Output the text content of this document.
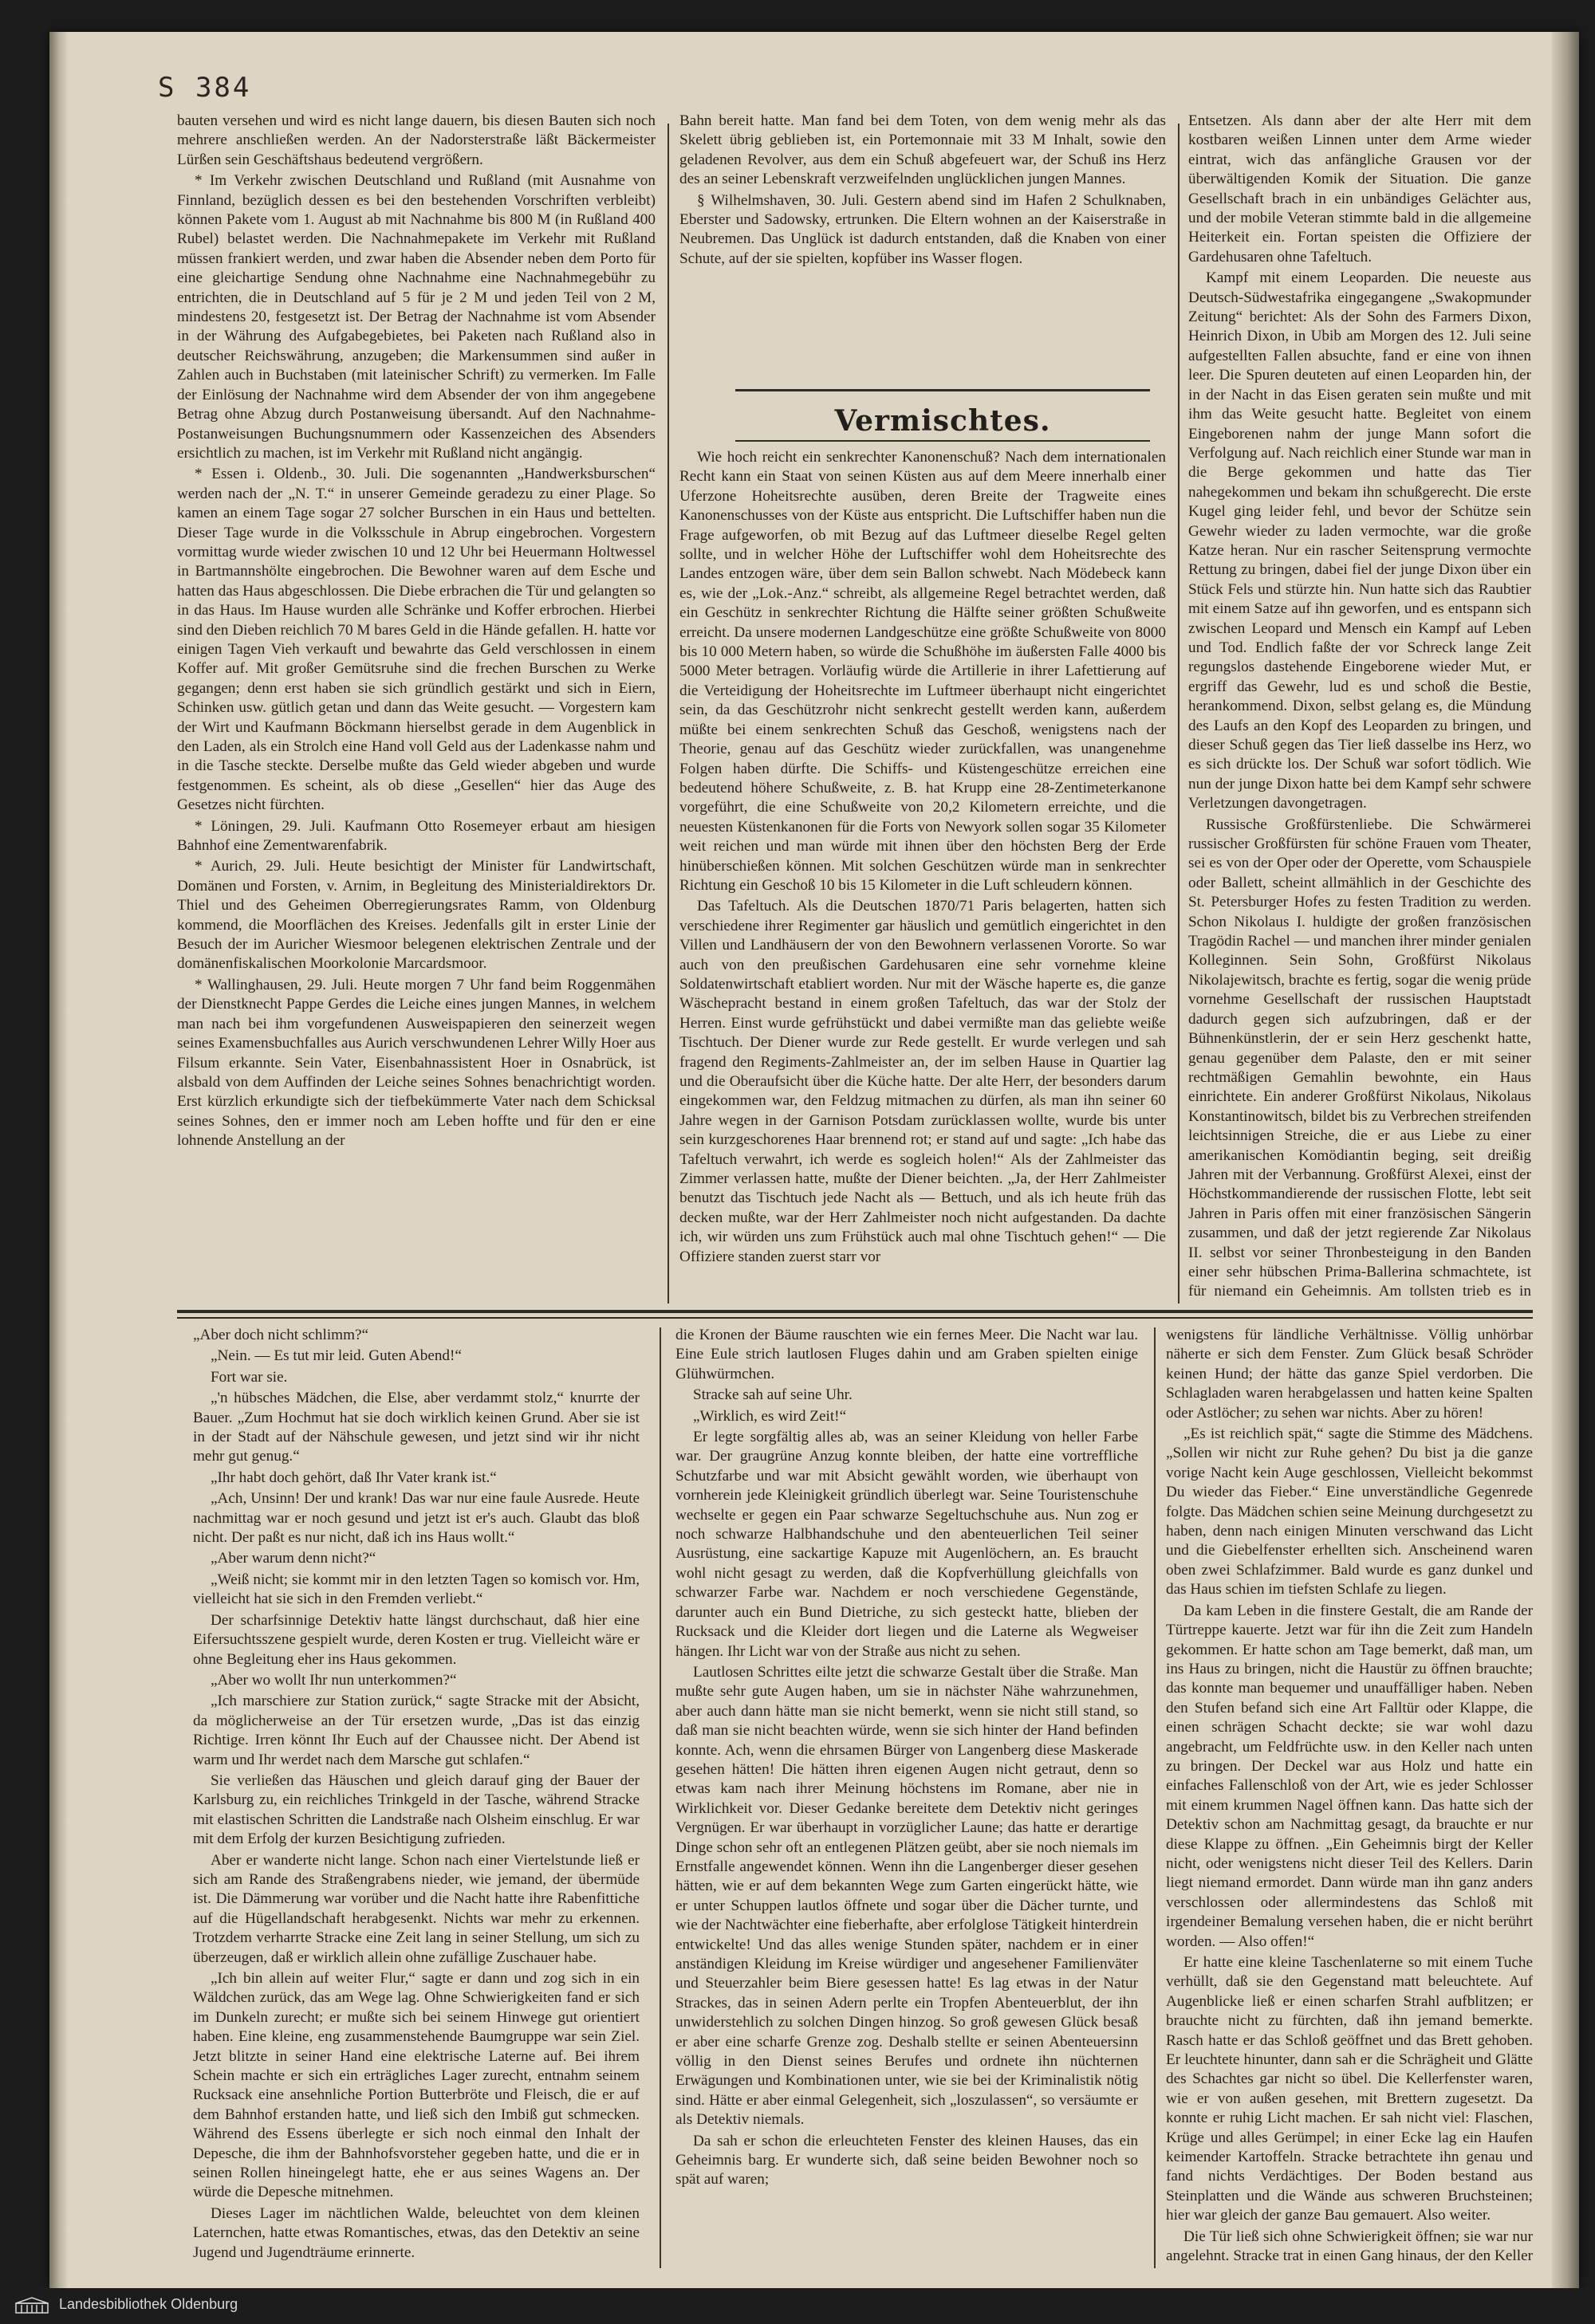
S 384

bauten versehen und wird es nicht lange dauern, bis diesen Bauten sich noch mehrere anschließen werden. An der Nadorsterstraße läßt Bäckermeister Lürßen sein Geschäftshaus bedeutend vergrößern.

* Im Verkehr zwischen Deutschland und Rußland (mit Ausnahme von Finnland, bezüglich dessen es bei den bestehenden Vorschriften verbleibt) können Pakete vom 1. August ab mit Nachnahme bis 800 M (in Rußland 400 Rubel) belastet werden. Die Nachnahmepakete im Verkehr mit Rußland müssen frankiert werden, und zwar haben die Absender neben dem Porto für eine gleichartige Sendung ohne Nachnahme eine Nachnahmegebühr zu entrichten, die in Deutschland auf 5 für je 2 M und jeden Teil von 2 M, mindestens 20, festgesetzt ist. Der Betrag der Nachnahme ist vom Absender in der Währung des Aufgabegebietes, bei Paketen nach Rußland also in deutscher Reichswährung, anzugeben; die Markensummen sind außer in Zahlen auch in Buchstaben (mit lateinischer Schrift) zu vermerken. Im Falle der Einlösung der Nachnahme wird dem Absender der von ihm angegebene Betrag ohne Abzug durch Postanweisung übersandt. Auf den Nachnahme-Postanweisungen Buchungsnummern oder Kassenzeichen des Absenders ersichtlich zu machen, ist im Verkehr mit Rußland nicht angängig.

* Essen i. Oldenb., 30. Juli. Die sogenannten „Handwerksburschen“ werden nach der „N. T.“ in unserer Gemeinde geradezu zu einer Plage. So kamen an einem Tage sogar 27 solcher Burschen in ein Haus und bettelten. Dieser Tage wurde in die Volksschule in Abrup eingebrochen. Vorgestern vormittag wurde wieder zwischen 10 und 12 Uhr bei Heuermann Holtwessel in Bartmannshölte eingebrochen. Die Bewohner waren auf dem Esche und hatten das Haus abgeschlossen. Die Diebe erbrachen die Tür und gelangten so in das Haus. Im Hause wurden alle Schränke und Koffer erbrochen. Hierbei sind den Dieben reichlich 70 M bares Geld in die Hände gefallen. H. hatte vor einigen Tagen Vieh verkauft und bewahrte das Geld verschlossen in einem Koffer auf. Mit großer Gemütsruhe sind die frechen Burschen zu Werke gegangen; denn erst haben sie sich gründlich gestärkt und sich in Eiern, Schinken usw. gütlich getan und dann das Weite gesucht. — Vorgestern kam der Wirt und Kaufmann Böckmann hierselbst gerade in dem Augenblick in den Laden, als ein Strolch eine Hand voll Geld aus der Ladenkasse nahm und in die Tasche steckte. Derselbe mußte das Geld wieder abgeben und wurde festgenommen. Es scheint, als ob diese „Gesellen“ hier das Auge des Gesetzes nicht fürchten.

* Löningen, 29. Juli. Kaufmann Otto Rosemeyer erbaut am hiesigen Bahnhof eine Zementwarenfabrik.

* Aurich, 29. Juli. Heute besichtigt der Minister für Landwirtschaft, Domänen und Forsten, v. Arnim, in Begleitung des Ministerialdirektors Dr. Thiel und des Geheimen Oberregierungsrates Ramm, von Oldenburg kommend, die Moorflächen des Kreises. Jedenfalls gilt in erster Linie der Besuch der im Auricher Wiesmoor belegenen elektrischen Zentrale und der domänenfiskalischen Moorkolonie Marcardsmoor.

* Wallinghausen, 29. Juli. Heute morgen 7 Uhr fand beim Roggenmähen der Dienstknecht Pappe Gerdes die Leiche eines jungen Mannes, in welchem man nach bei ihm vorgefundenen Ausweispapieren den seinerzeit wegen seines Examensbuchfalles aus Aurich verschwundenen Lehrer Willy Hoer aus Filsum erkannte. Sein Vater, Eisenbahnassistent Hoer in Osnabrück, ist alsbald von dem Auffinden der Leiche seines Sohnes benachrichtigt worden. Erst kürzlich erkundigte sich der tiefbekümmerte Vater nach dem Schicksal seines Sohnes, den er immer noch am Leben hoffte und für den er eine lohnende Anstellung an der

Bahn bereit hatte. Man fand bei dem Toten, von dem wenig mehr als das Skelett übrig geblieben ist, ein Portemonnaie mit 33 M Inhalt, sowie den geladenen Revolver, aus dem ein Schuß abgefeuert war, der Schuß ins Herz des an seiner Lebenskraft verzweifelnden unglücklichen jungen Mannes.

§ Wilhelmshaven, 30. Juli. Gestern abend sind im Hafen 2 Schulknaben, Eberster und Sadowsky, ertrunken. Die Eltern wohnen an der Kaiserstraße in Neubremen. Das Unglück ist dadurch entstanden, daß die Knaben von einer Schute, auf der sie spielten, kopfüber ins Wasser flogen.

Vermischtes.

Wie hoch reicht ein senkrechter Kanonenschuß? Nach dem internationalen Recht kann ein Staat von seinen Küsten aus auf dem Meere innerhalb einer Uferzone Hoheitsrechte ausüben, deren Breite der Tragweite eines Kanonenschusses von der Küste aus entspricht. Die Luftschiffer haben nun die Frage aufgeworfen, ob mit Bezug auf das Luftmeer dieselbe Regel gelten sollte, und in welcher Höhe der Luftschiffer wohl dem Hoheitsrechte des Landes entzogen wäre, über dem sein Ballon schwebt. Nach Mödebeck kann es, wie der „Lok.-Anz.“ schreibt, als allgemeine Regel betrachtet werden, daß ein Geschütz in senkrechter Richtung die Hälfte seiner größten Schußweite erreicht. Da unsere modernen Landgeschütze eine größte Schußweite von 8000 bis 10 000 Metern haben, so würde die Schußhöhe im äußersten Falle 4000 bis 5000 Meter betragen. Vorläufig würde die Artillerie in ihrer Lafettierung auf die Verteidigung der Hoheitsrechte im Luftmeer überhaupt nicht eingerichtet sein, da das Geschützrohr nicht senkrecht gestellt werden kann, außerdem müßte bei einem senkrechten Schuß das Geschoß, wenigstens nach der Theorie, genau auf das Geschütz wieder zurückfallen, was unangenehme Folgen haben dürfte. Die Schiffs- und Küstengeschütze erreichen eine bedeutend höhere Schußweite, z. B. hat Krupp eine 28-Zentimeterkanone vorgeführt, die eine Schußweite von 20,2 Kilometern erreichte, und die neuesten Küstenkanonen für die Forts von Newyork sollen sogar 35 Kilometer weit reichen und man würde mit ihnen über den höchsten Berg der Erde hinüberschießen können. Mit solchen Geschützen würde man in senkrechter Richtung ein Geschoß 10 bis 15 Kilometer in die Luft schleudern können.

Das Tafeltuch. Als die Deutschen 1870/71 Paris belagerten, hatten sich verschiedene ihrer Regimenter gar häuslich und gemütlich eingerichtet in den Villen und Landhäusern der von den Bewohnern verlassenen Vororte. So war auch von den preußischen Gardehusaren eine sehr vornehme kleine Soldatenwirtschaft etabliert worden. Nur mit der Wäsche haperte es, die ganze Wäschepracht bestand in einem großen Tafeltuch, das war der Stolz der Herren. Einst wurde gefrühstückt und dabei vermißte man das geliebte weiße Tischtuch. Der Diener wurde zur Rede gestellt. Er wurde verlegen und sah fragend den Regiments-Zahlmeister an, der im selben Hause in Quartier lag und die Oberaufsicht über die Küche hatte. Der alte Herr, der besonders darum eingekommen war, den Feldzug mitmachen zu dürfen, als man ihn seiner 60 Jahre wegen in der Garnison Potsdam zurücklassen wollte, wurde bis unter sein kurzgeschorenes Haar brennend rot; er stand auf und sagte: „Ich habe das Tafeltuch verwahrt, ich werde es sogleich holen!“ Als der Zahlmeister das Zimmer verlassen hatte, mußte der Diener beichten. „Ja, der Herr Zahlmeister benutzt das Tischtuch jede Nacht als — Bettuch, und als ich heute früh das decken mußte, war der Herr Zahlmeister noch nicht aufgestanden. Da dachte ich, wir würden uns zum Frühstück auch mal ohne Tischtuch gehen!“ — Die Offiziere standen zuerst starr vor

Entsetzen. Als dann aber der alte Herr mit dem kostbaren weißen Linnen unter dem Arme wieder eintrat, wich das anfängliche Grausen vor der überwältigenden Komik der Situation. Die ganze Gesellschaft brach in ein unbändiges Gelächter aus, und der mobile Veteran stimmte bald in die allgemeine Heiterkeit ein. Fortan speisten die Offiziere der Gardehusaren ohne Tafeltuch.

Kampf mit einem Leoparden. Die neueste aus Deutsch-Südwestafrika eingegangene „Swakopmunder Zeitung“ berichtet: Als der Sohn des Farmers Dixon, Heinrich Dixon, in Ubib am Morgen des 12. Juli seine aufgestellten Fallen absuchte, fand er eine von ihnen leer. Die Spuren deuteten auf einen Leoparden hin, der in der Nacht in das Eisen geraten sein mußte und mit ihm das Weite gesucht hatte. Begleitet von einem Eingeborenen nahm der junge Mann sofort die Verfolgung auf. Nach reichlich einer Stunde war man in die Berge gekommen und hatte das Tier nahegekommen und bekam ihn schußgerecht. Die erste Kugel ging leider fehl, und bevor der Schütze sein Gewehr wieder zu laden vermochte, war die große Katze heran. Nur ein rascher Seitensprung vermochte Rettung zu bringen, dabei fiel der junge Dixon über ein Stück Fels und stürzte hin. Nun hatte sich das Raubtier mit einem Satze auf ihn geworfen, und es entspann sich zwischen Leopard und Mensch ein Kampf auf Leben und Tod. Endlich faßte der vor Schreck lange Zeit regungslos dastehende Eingeborene wieder Mut, er ergriff das Gewehr, lud es und schoß die Bestie, herankommend. Dixon, selbst gelang es, die Mündung des Laufs an den Kopf des Leoparden zu bringen, und dieser Schuß gegen das Tier ließ dasselbe ins Herz, wo es sich drückte los. Der Schuß war sofort tödlich. Wie nun der junge Dixon hatte bei dem Kampf sehr schwere Verletzungen davongetragen.

Russische Großfürstenliebe. Die Schwärmerei russischer Großfürsten für schöne Frauen vom Theater, sei es von der Oper oder der Operette, vom Schauspiele oder Ballett, scheint allmählich in der Geschichte des St. Petersburger Hofes zu festen Tradition zu werden. Schon Nikolaus I. huldigte der großen französischen Tragödin Rachel — und manchen ihrer minder genialen Kolleginnen. Sein Sohn, Großfürst Nikolaus Nikolajewitsch, brachte es fertig, sogar die wenig prüde vornehme Gesellschaft der russischen Hauptstadt dadurch gegen sich aufzubringen, daß er der Bühnenkünstlerin, der er sein Herz geschenkt hatte, genau gegenüber dem Palaste, den er mit seiner rechtmäßigen Gemahlin bewohnte, ein Haus einrichtete. Ein anderer Großfürst Nikolaus, Nikolaus Konstantinowitsch, bildet bis zu Verbrechen streifenden leichtsinnigen Streiche, die er aus Liebe zu einer amerikanischen Komödiantin beging, seit dreißig Jahren mit der Verbannung. Großfürst Alexei, einst der Höchstkommandierende der russischen Flotte, lebt seit Jahren in Paris offen mit einer französischen Sängerin zusammen, und daß der jetzt regierende Zar Nikolaus II. selbst vor seiner Thronbesteigung in den Banden einer sehr hübschen Prima-Ballerina schmachtete, ist für niemand ein Geheimnis. Am tollsten trieb es in

„Aber doch nicht schlimm?“

„Nein. — Es tut mir leid. Guten Abend!“

Fort war sie.

„'n hübsches Mädchen, die Else, aber verdammt stolz,“ knurrte der Bauer. „Zum Hochmut hat sie doch wirklich keinen Grund. Aber sie ist in der Stadt auf der Nähschule gewesen, und jetzt sind wir ihr nicht mehr gut genug.“

„Ihr habt doch gehört, daß Ihr Vater krank ist.“

„Ach, Unsinn! Der und krank! Das war nur eine faule Ausrede. Heute nachmittag war er noch gesund und jetzt ist er's auch. Glaubt das bloß nicht. Der paßt es nur nicht, daß ich ins Haus wollt.“

„Aber warum denn nicht?“

„Weiß nicht; sie kommt mir in den letzten Tagen so komisch vor. Hm, vielleicht hat sie sich in den Fremden verliebt.“

Der scharfsinnige Detektiv hatte längst durchschaut, daß hier eine Eifersuchtsszene gespielt wurde, deren Kosten er trug. Vielleicht wäre er ohne Begleitung eher ins Haus gekommen.

„Aber wo wollt Ihr nun unterkommen?“

„Ich marschiere zur Station zurück,“ sagte Stracke mit der Absicht, da möglicherweise an der Tür ersetzen wurde, „Das ist das einzig Richtige. Irren könnt Ihr Euch auf der Chaussee nicht. Der Abend ist warm und Ihr werdet nach dem Marsche gut schlafen.“

Sie verließen das Häuschen und gleich darauf ging der Bauer der Karlsburg zu, ein reichliches Trinkgeld in der Tasche, während Stracke mit elastischen Schritten die Landstraße nach Olsheim einschlug. Er war mit dem Erfolg der kurzen Besichtigung zufrieden.

Aber er wanderte nicht lange. Schon nach einer Viertelstunde ließ er sich am Rande des Straßengrabens nieder, wie jemand, der übermüde ist. Die Dämmerung war vorüber und die Nacht hatte ihre Rabenfittiche auf die Hügellandschaft herabgesenkt. Nichts war mehr zu erkennen. Trotzdem verharrte Stracke eine Zeit lang in seiner Stellung, um sich zu überzeugen, daß er wirklich allein ohne zufällige Zuschauer habe.

„Ich bin allein auf weiter Flur,“ sagte er dann und zog sich in ein Wäldchen zurück, das am Wege lag. Ohne Schwierigkeiten fand er sich im Dunkeln zurecht; er mußte sich bei seinem Hinwege gut orientiert haben. Eine kleine, eng zusammenstehende Baumgruppe war sein Ziel. Jetzt blitzte in seiner Hand eine elektrische Laterne auf. Bei ihrem Schein machte er sich ein erträgliches Lager zurecht, entnahm seinem Rucksack eine ansehnliche Portion Butterbröte und Fleisch, die er auf dem Bahnhof erstanden hatte, und ließ sich den Imbiß gut schmecken. Während des Essens überlegte er sich noch einmal den Inhalt der Depesche, die ihm der Bahnhofsvorsteher gegeben hatte, und die er in seinen Rollen hineingelegt hatte, ehe er aus seines Wagens an. Der würde die Depesche mitnehmen.

Dieses Lager im nächtlichen Walde, beleuchtet von dem kleinen Laternchen, hatte etwas Romantisches, etwas, das den Detektiv an seine Jugend und Jugendträume erinnerte.

die Kronen der Bäume rauschten wie ein fernes Meer. Die Nacht war lau. Eine Eule strich lautlosen Fluges dahin und am Graben spielten einige Glühwürmchen.

Stracke sah auf seine Uhr.

„Wirklich, es wird Zeit!“

Er legte sorgfältig alles ab, was an seiner Kleidung von heller Farbe war. Der graugrüne Anzug konnte bleiben, der hatte eine vortreffliche Schutzfarbe und war mit Absicht gewählt worden, wie überhaupt von vornherein jede Kleinigkeit gründlich überlegt war. Seine Touristenschuhe wechselte er gegen ein Paar schwarze Segeltuchschuhe aus. Nun zog er noch schwarze Halbhandschuhe und den abenteuerlichen Teil seiner Ausrüstung, eine sackartige Kapuze mit Augenlöchern, an. Es braucht wohl nicht gesagt zu werden, daß die Kopfverhüllung gleichfalls von schwarzer Farbe war. Nachdem er noch verschiedene Gegenstände, darunter auch ein Bund Dietriche, zu sich gesteckt hatte, blieben der Rucksack und die Kleider dort liegen und die Laterne als Wegweiser hängen. Ihr Licht war von der Straße aus nicht zu sehen.

Lautlosen Schrittes eilte jetzt die schwarze Gestalt über die Straße. Man mußte sehr gute Augen haben, um sie in nächster Nähe wahrzunehmen, aber auch dann hätte man sie nicht bemerkt, wenn sie nicht still stand, so daß man sie nicht beachten würde, wenn sie sich hinter der Hand befinden konnte. Ach, wenn die ehrsamen Bürger von Langenberg diese Maskerade gesehen hätten! Die hätten ihren eigenen Augen nicht getraut, denn so etwas kam nach ihrer Meinung höchstens im Romane, aber nie in Wirklichkeit vor. Dieser Gedanke bereitete dem Detektiv nicht geringes Vergnügen. Er war überhaupt in vorzüglicher Laune; das hatte er derartige Dinge schon sehr oft an entlegenen Plätzen geübt, aber sie noch niemals im Ernstfalle angewendet können. Wenn ihn die Langenberger dieser gesehen hätten, wie er auf dem bekannten Wege zum Garten eingerückt hätte, wie er unter Schuppen lautlos öffnete und sogar über die Dächer turnte, und wie der Nachtwächter eine fieberhafte, aber erfolglose Tätigkeit hinterdrein entwickelte! Und das alles wenige Stunden später, nachdem er in einer anständigen Kleidung im Kreise würdiger und angesehener Familienväter und Steuerzahler beim Biere gesessen hatte! Es lag etwas in der Natur Strackes, das in seinen Adern perlte ein Tropfen Abenteuerblut, der ihn unwiderstehlich zu solchen Dingen hinzog. So groß gewesen Glück besaß er aber eine scharfe Grenze zog. Deshalb stellte er seinen Abenteuersinn völlig in den Dienst seines Berufes und ordnete ihn nüchternen Erwägungen und Kombinationen unter, wie sie bei der Kriminalistik nötig sind. Hätte er aber einmal Gelegenheit, sich „loszulassen“, so versäumte er als Detektiv niemals.

Da sah er schon die erleuchteten Fenster des kleinen Hauses, das ein Geheimnis barg. Er wunderte sich, daß seine beiden Bewohner noch so spät auf waren;

wenigstens für ländliche Verhältnisse. Völlig unhörbar näherte er sich dem Fenster. Zum Glück besaß Schröder keinen Hund; der hätte das ganze Spiel verdorben. Die Schlagladen waren herabgelassen und hatten keine Spalten oder Astlöcher; zu sehen war nichts. Aber zu hören!

„Es ist reichlich spät,“ sagte die Stimme des Mädchens. „Sollen wir nicht zur Ruhe gehen? Du bist ja die ganze vorige Nacht kein Auge geschlossen, Vielleicht bekommst Du wieder das Fieber.“ Eine unverständliche Gegenrede folgte. Das Mädchen schien seine Meinung durchgesetzt zu haben, denn nach einigen Minuten verschwand das Licht und die Giebelfenster erhellten sich. Anscheinend waren oben zwei Schlafzimmer. Bald wurde es ganz dunkel und das Haus schien im tiefsten Schlafe zu liegen.

Da kam Leben in die finstere Gestalt, die am Rande der Türtreppe kauerte. Jetzt war für ihn die Zeit zum Handeln gekommen. Er hatte schon am Tage bemerkt, daß man, um ins Haus zu bringen, nicht die Haustür zu öffnen brauchte; das konnte man bequemer und unauffälliger haben. Neben den Stufen befand sich eine Art Falltür oder Klappe, die einen schrägen Schacht deckte; sie war wohl dazu angebracht, um Feldfrüchte usw. in den Keller nach unten zu bringen. Der Deckel war aus Holz und hatte ein einfaches Fallenschloß von der Art, wie es jeder Schlosser mit einem krummen Nagel öffnen kann. Das hatte sich der Detektiv schon am Nachmittag gesagt, da brauchte er nur diese Klappe zu öffnen. „Ein Geheimnis birgt der Keller nicht, oder wenigstens nicht dieser Teil des Kellers. Darin liegt niemand ermordet. Dann würde man ihn ganz anders verschlossen oder allermindestens das Schloß mit irgendeiner Bemalung versehen haben, die er nicht berührt worden. — Also offen!“

Er hatte eine kleine Taschenlaterne so mit einem Tuche verhüllt, daß sie den Gegenstand matt beleuchtete. Auf Augenblicke ließ er einen scharfen Strahl aufblitzen; er brauchte nicht zu fürchten, daß ihn jemand bemerkte. Rasch hatte er das Schloß geöffnet und das Brett gehoben. Er leuchtete hinunter, dann sah er die Schrägheit und Glätte des Schachtes gar nicht so übel. Die Kellerfenster waren, wie er von außen gesehen, mit Brettern zugesetzt. Da konnte er ruhig Licht machen. Er sah nicht viel: Flaschen, Krüge und alles Gerümpel; in einer Ecke lag ein Haufen keimender Kartoffeln. Stracke betrachtete ihn genau und fand nichts Verdächtiges. Der Boden bestand aus Steinplatten und die Wände aus schweren Bruchsteinen; hier war gleich der ganze Bau gemauert. Also weiter.

Die Tür ließ sich ohne Schwierigkeit öffnen; sie war nur angelehnt. Stracke trat in einen Gang hinaus, der den Keller

Landesbibliothek Oldenburg
